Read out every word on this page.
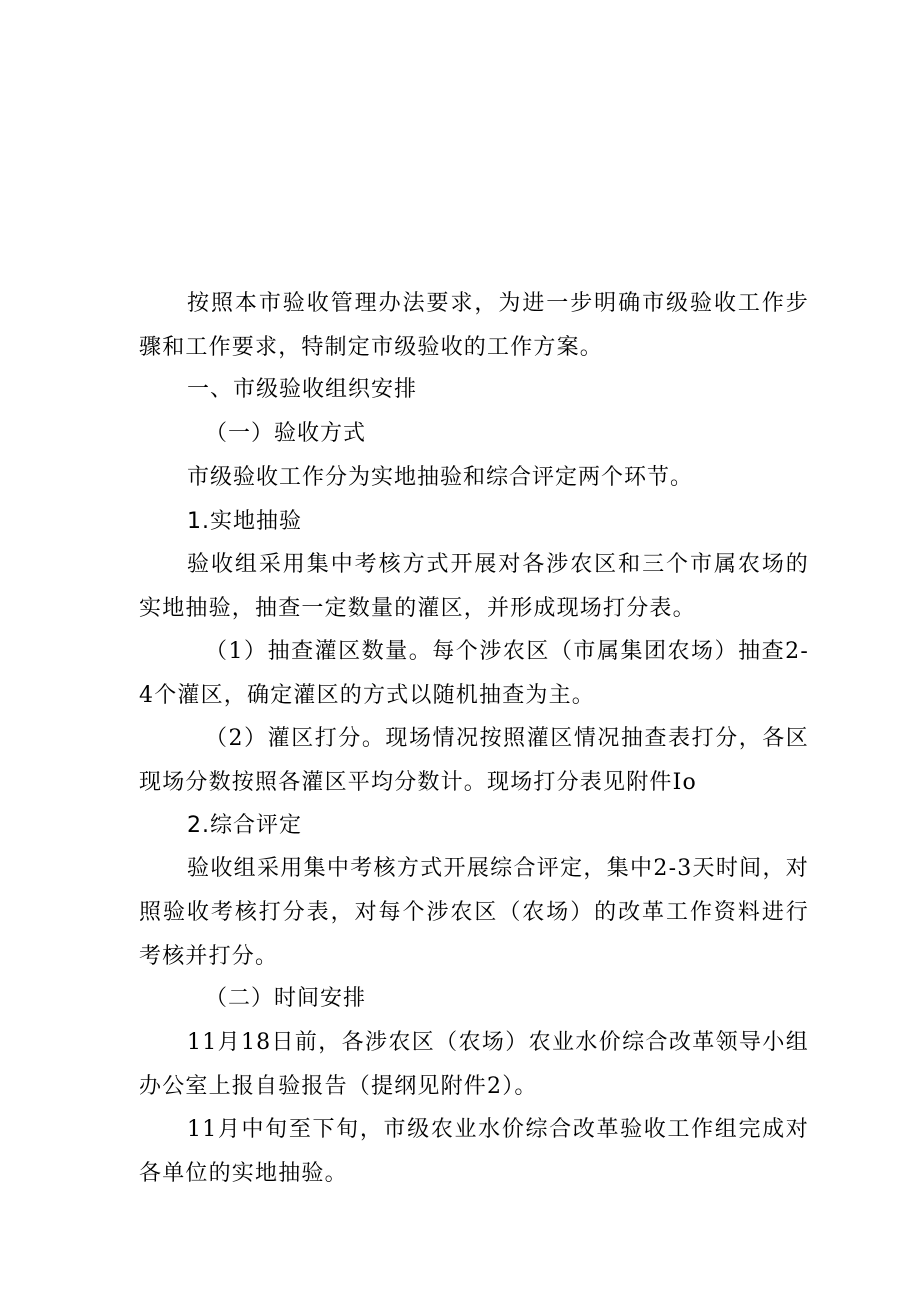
按照本市验收管理办法要求，为进一步明确市级验收工作步骤和工作要求，特制定市级验收的工作方案。

一、市级验收组织安排

（一）验收方式

市级验收工作分为实地抽验和综合评定两个环节。

1.实地抽验

验收组采用集中考核方式开展对各涉农区和三个市属农场的实地抽验，抽查一定数量的灌区，并形成现场打分表。

（1）抽查灌区数量。每个涉农区（市属集团农场）抽查2-4个灌区，确定灌区的方式以随机抽查为主。

（2）灌区打分。现场情况按照灌区情况抽查表打分，各区现场分数按照各灌区平均分数计。现场打分表见附件Io

2.综合评定

验收组采用集中考核方式开展综合评定，集中2-3天时间，对照验收考核打分表，对每个涉农区（农场）的改革工作资料进行考核并打分。

（二）时间安排

11月18日前，各涉农区（农场）农业水价综合改革领导小组办公室上报自验报告（提纲见附件2）。

11月中旬至下旬，市级农业水价综合改革验收工作组完成对各单位的实地抽验。
